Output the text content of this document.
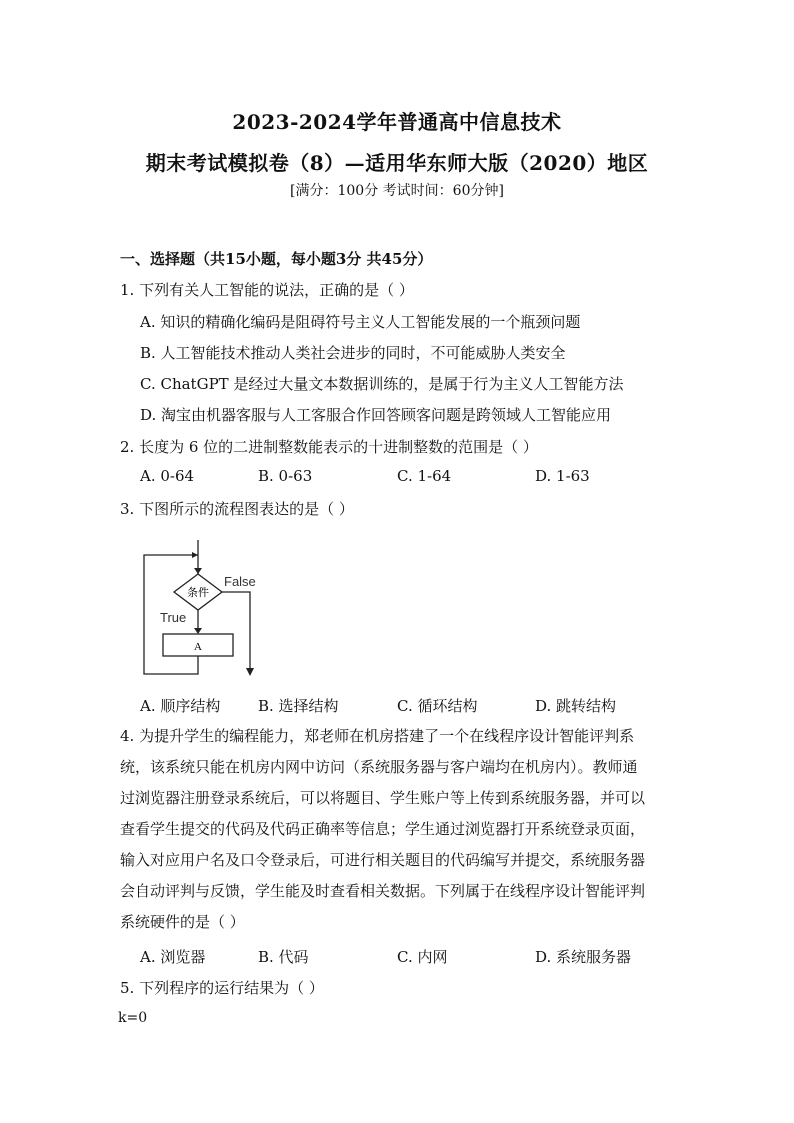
2023-2024学年普通高中信息技术
期末考试模拟卷（8）—适用华东师大版（2020）地区
[满分：100分 考试时间：60分钟]
一、选择题（共15小题，每小题3分 共45分）
1. 下列有关人工智能的说法，正确的是（ ）
A. 知识的精确化编码是阻碍符号主义人工智能发展的一个瓶颈问题
B. 人工智能技术推动人类社会进步的同时，不可能威胁人类安全
C. ChatGPT 是经过大量文本数据训练的，是属于行为主义人工智能方法
D. 淘宝由机器客服与人工客服合作回答顾客问题是跨领域人工智能应用
2. 长度为 6 位的二进制整数能表示的十进制整数的范围是（ ）
A. 0-64	B. 0-63	C. 1-64	D. 1-63
3. 下图所示的流程图表达的是（ ）
条件
False
True
A
A. 顺序结构	B. 选择结构	C. 循环结构	D. 跳转结构
4. 为提升学生的编程能力，郑老师在机房搭建了一个在线程序设计智能评判系
统，该系统只能在机房内网中访问（系统服务器与客户端均在机房内）。教师通
过浏览器注册登录系统后，可以将题目、学生账户等上传到系统服务器，并可以
查看学生提交的代码及代码正确率等信息；学生通过浏览器打开系统登录页面，
输入对应用户名及口令登录后，可进行相关题目的代码编写并提交，系统服务器
会自动评判与反馈，学生能及时查看相关数据。下列属于在线程序设计智能评判
系统硬件的是（ ）
A. 浏览器	B. 代码	C. 内网	D. 系统服务器
5. 下列程序的运行结果为（ ）
k=0
